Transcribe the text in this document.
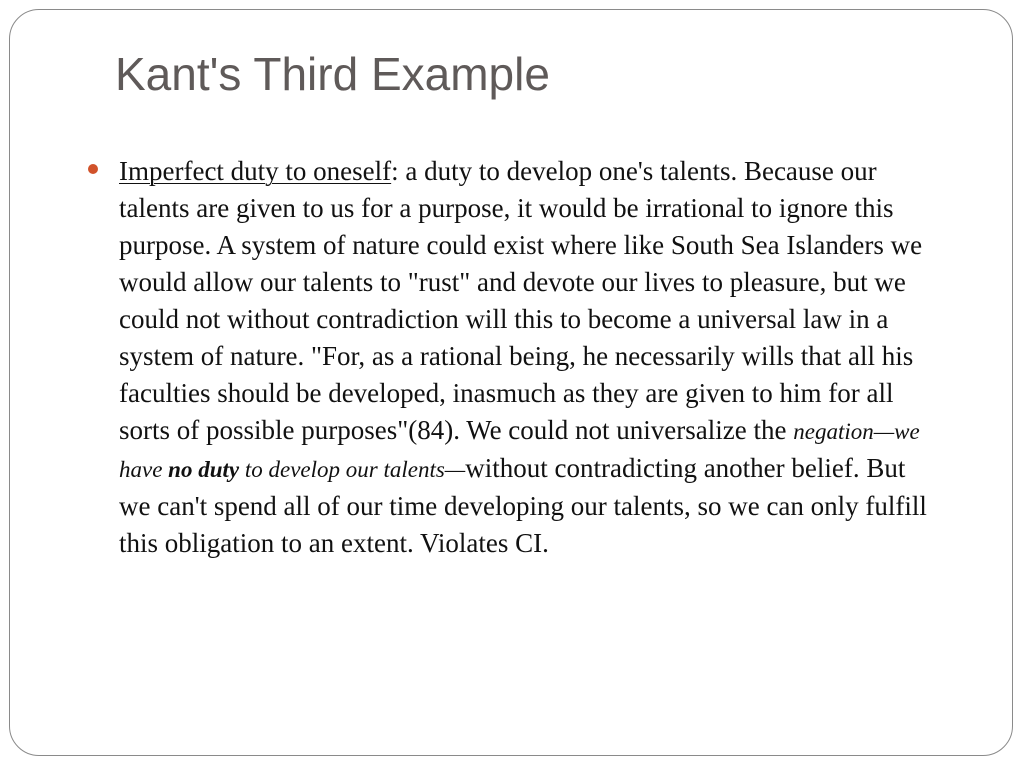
Kant's Third Example

Imperfect duty to oneself: a duty to develop one's talents. Because our talents are given to us for a purpose, it would be irrational to ignore this purpose. A system of nature could exist where like South Sea Islanders we would allow our talents to "rust" and devote our lives to pleasure, but we could not without contradiction will this to become a universal law in a system of nature. "For, as a rational being, he necessarily wills that all his faculties should be developed, inasmuch as they are given to him for all sorts of possible purposes"(84). We could not universalize the negation—we have no duty to develop our talents—without contradicting another belief. But we can't spend all of our time developing our talents, so we can only fulfill this obligation to an extent. Violates CI.
